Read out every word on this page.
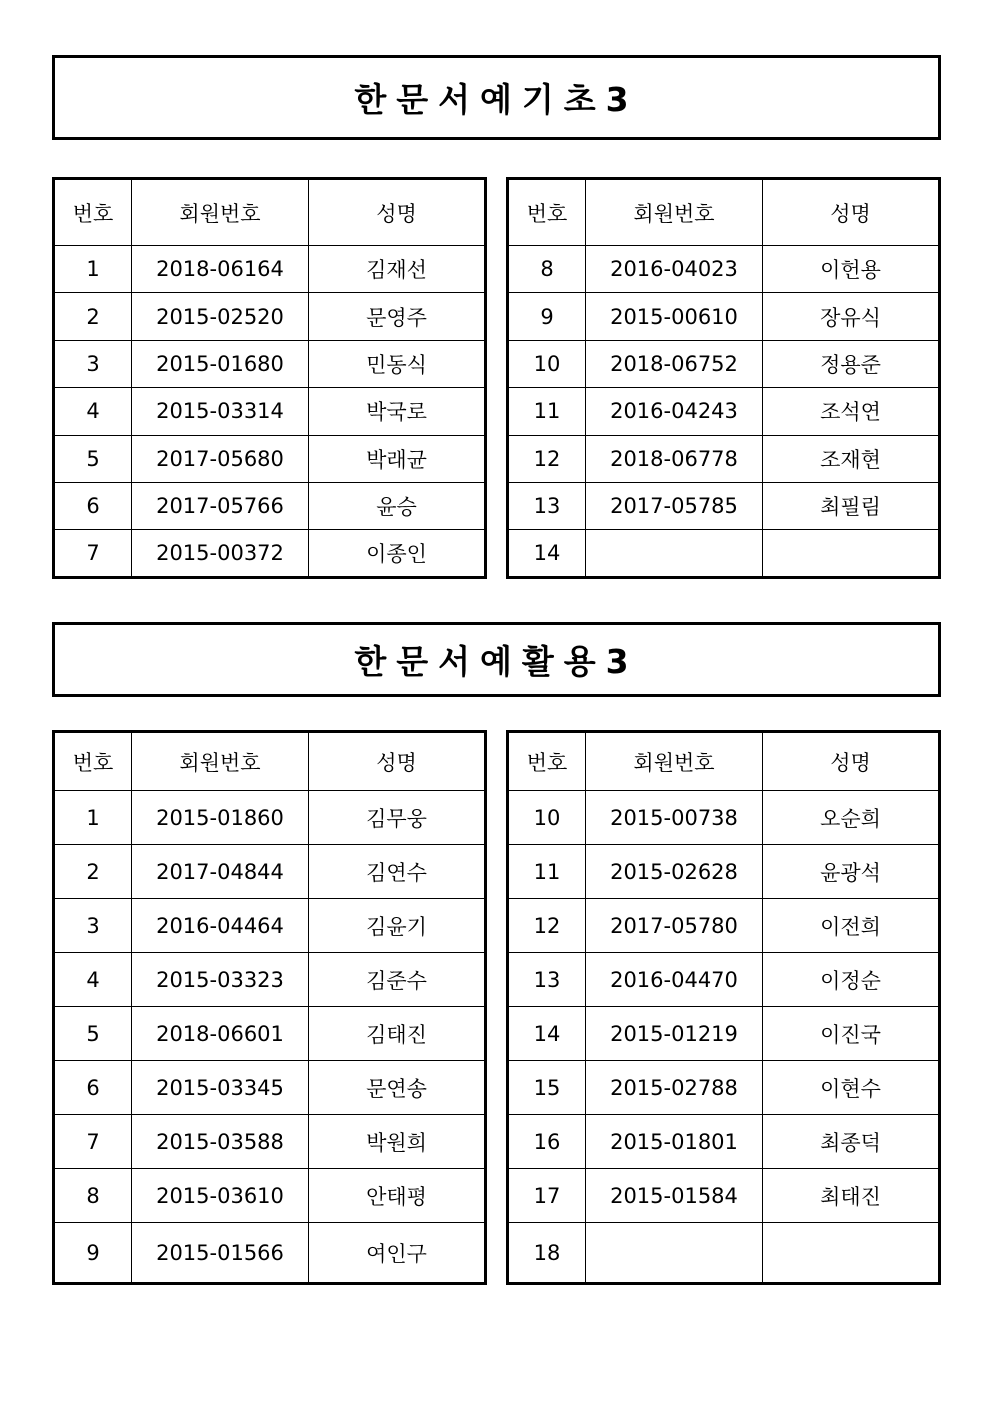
한문서예기초3
번호	회원번호	성명
1	2018-06164	김재선
2	2015-02520	문영주
3	2015-01680	민동식
4	2015-03314	박국로
5	2017-05680	박래균
6	2017-05766	윤승
7	2015-00372	이종인
번호	회원번호	성명
8	2016-04023	이헌용
9	2015-00610	장유식
10	2018-06752	정용준
11	2016-04243	조석연
12	2018-06778	조재현
13	2017-05785	최필림
14		
한문서예활용3
번호	회원번호	성명
1	2015-01860	김무웅
2	2017-04844	김연수
3	2016-04464	김윤기
4	2015-03323	김준수
5	2018-06601	김태진
6	2015-03345	문연송
7	2015-03588	박원희
8	2015-03610	안태평
9	2015-01566	여인구
번호	회원번호	성명
10	2015-00738	오순희
11	2015-02628	윤광석
12	2017-05780	이전희
13	2016-04470	이정순
14	2015-01219	이진국
15	2015-02788	이현수
16	2015-01801	최종덕
17	2015-01584	최태진
18		
